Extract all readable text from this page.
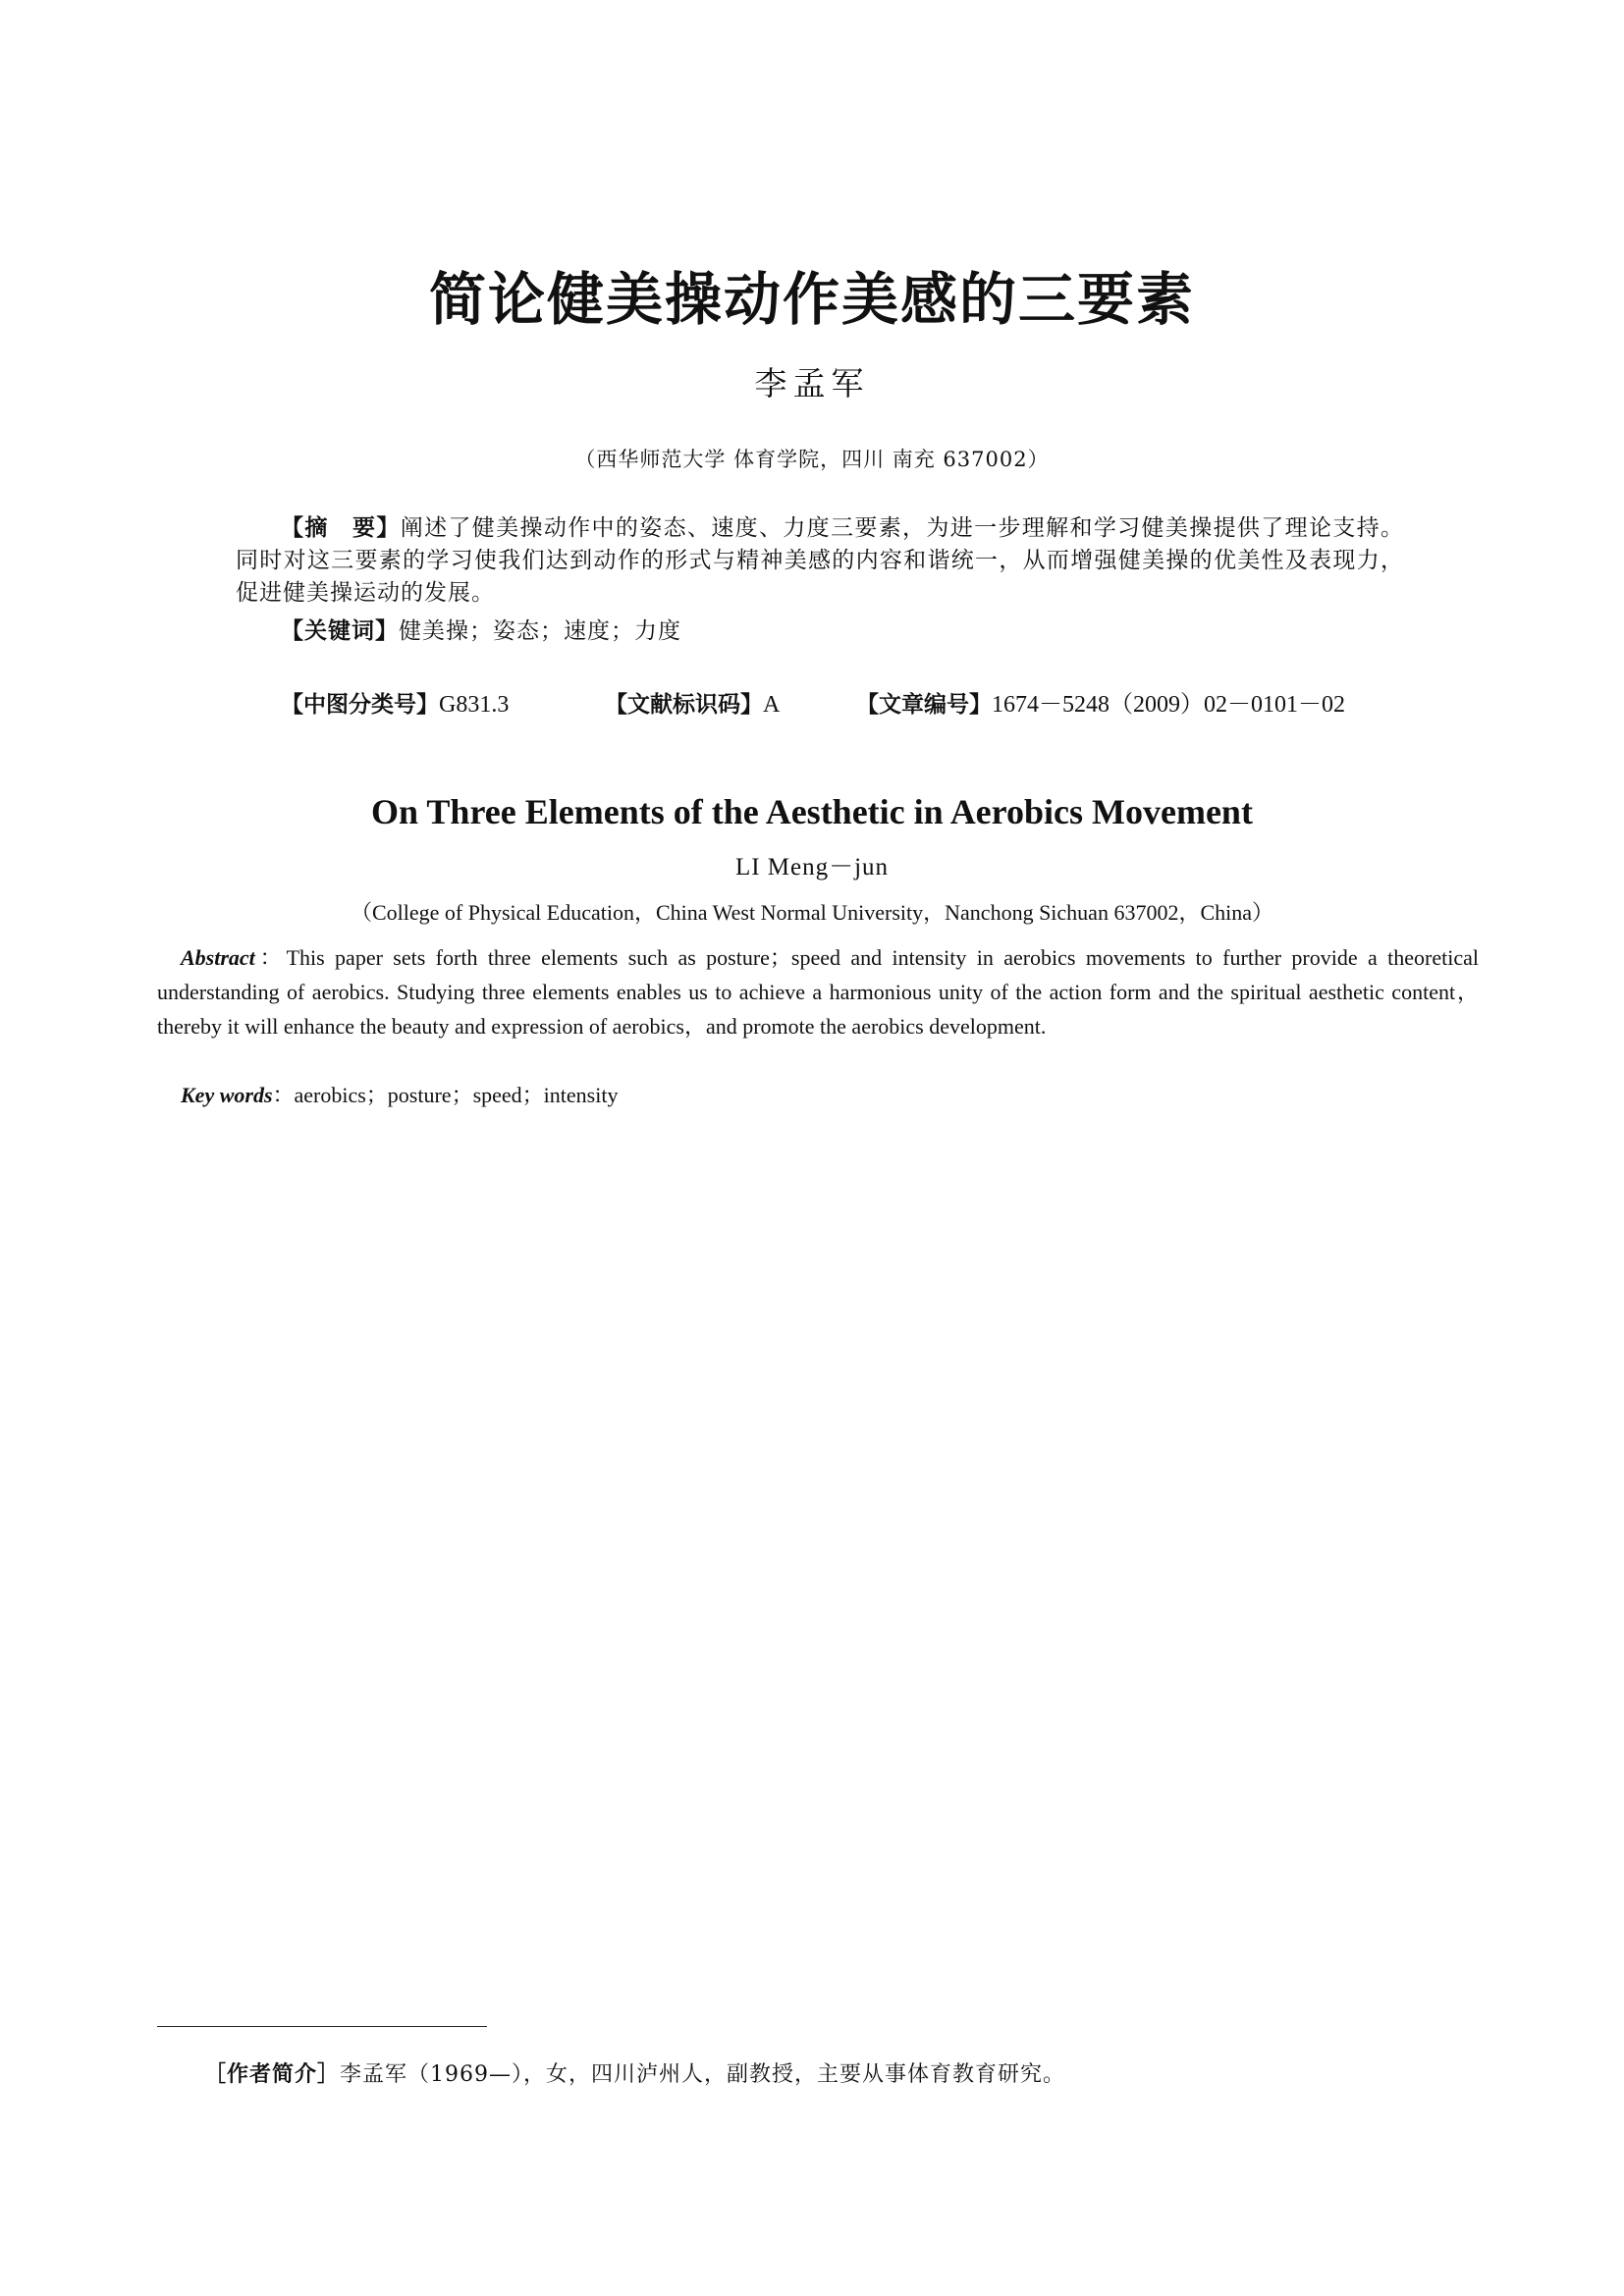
简论健美操动作美感的三要素
李孟军
（西华师范大学 体育学院，四川 南充 637002）
【摘　要】阐述了健美操动作中的姿态、速度、力度三要素，为进一步理解和学习健美操提供了理论支持。同时对这三要素的学习使我们达到动作的形式与精神美感的内容和谐统一，从而增强健美操的优美性及表现力，促进健美操运动的发展。
【关键词】健美操；姿态；速度；力度
【中图分类号】G831.3	【文献标识码】A	【文章编号】1674－5248（2009）02－0101－02
On Three Elements of the Aesthetic in Aerobics Movement
LI Meng－jun
（College of Physical Education，China West Normal University，Nanchong Sichuan 637002，China）
Abstract：This paper sets forth three elements such as posture；speed and intensity in aerobics movements to further provide a theoretical understanding of aerobics. Studying three elements enables us to achieve a harmonious unity of the action form and the spiritual aesthetic content，thereby it will enhance the beauty and expression of aerobics，and promote the aerobics development.
Key words：aerobics；posture；speed；intensity
［作者简介］李孟军（1969—），女，四川泸州人，副教授，主要从事体育教育研究。
